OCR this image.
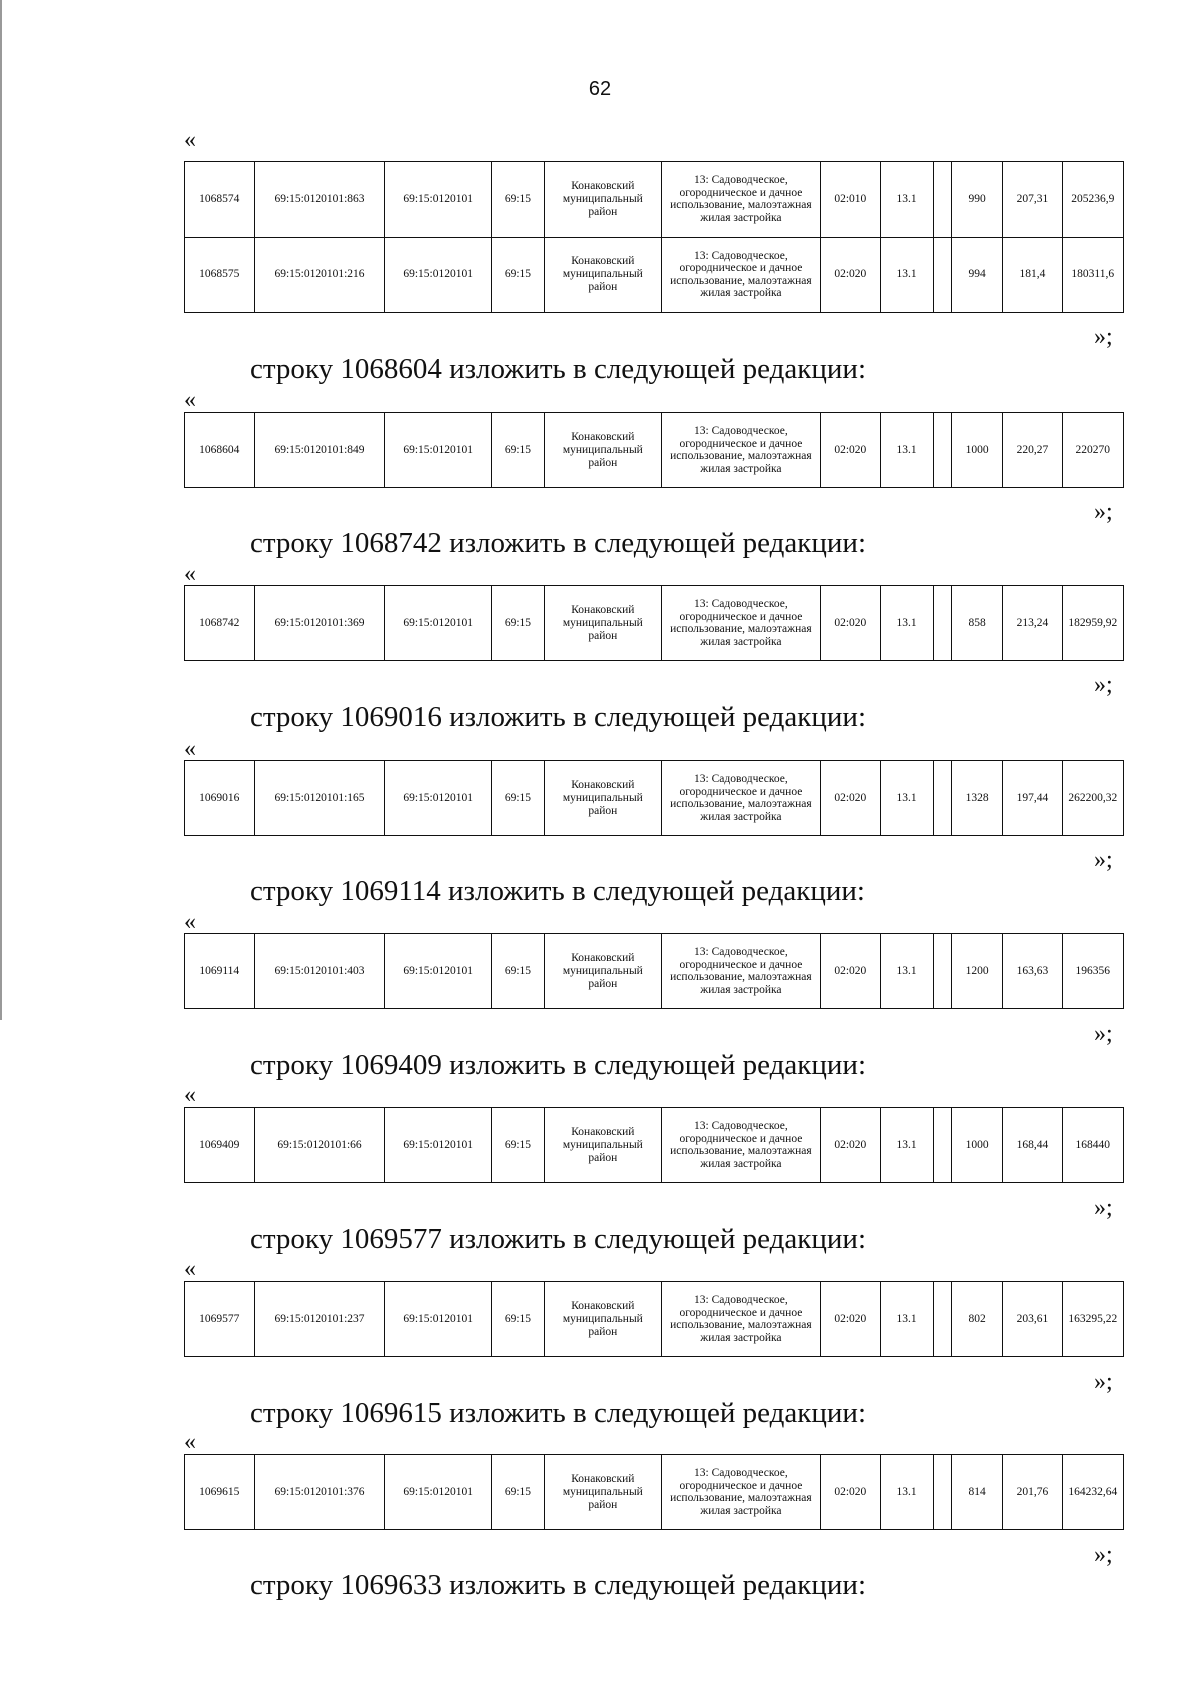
62
«
1068574	69:15:0120101:863	69:15:0120101	69:15	Конаковский муниципальный район	13: Садоводческое, огородническое и дачное использование, малоэтажная жилая застройка	02:010	13.1		990	207,31	205236,9
1068575	69:15:0120101:216	69:15:0120101	69:15	Конаковский муниципальный район	13: Садоводческое, огородническое и дачное использование, малоэтажная жилая застройка	02:020	13.1		994	181,4	180311,6
»;
строку 1068604 изложить в следующей редакции:
«
1068604	69:15:0120101:849	69:15:0120101	69:15	Конаковский муниципальный район	13: Садоводческое, огородническое и дачное использование, малоэтажная жилая застройка	02:020	13.1		1000	220,27	220270
»;
строку 1068742 изложить в следующей редакции:
«
1068742	69:15:0120101:369	69:15:0120101	69:15	Конаковский муниципальный район	13: Садоводческое, огородническое и дачное использование, малоэтажная жилая застройка	02:020	13.1		858	213,24	182959,92
»;
строку 1069016 изложить в следующей редакции:
«
1069016	69:15:0120101:165	69:15:0120101	69:15	Конаковский муниципальный район	13: Садоводческое, огородническое и дачное использование, малоэтажная жилая застройка	02:020	13.1		1328	197,44	262200,32
»;
строку 1069114 изложить в следующей редакции:
«
1069114	69:15:0120101:403	69:15:0120101	69:15	Конаковский муниципальный район	13: Садоводческое, огородническое и дачное использование, малоэтажная жилая застройка	02:020	13.1		1200	163,63	196356
»;
строку 1069409 изложить в следующей редакции:
«
1069409	69:15:0120101:66	69:15:0120101	69:15	Конаковский муниципальный район	13: Садоводческое, огородническое и дачное использование, малоэтажная жилая застройка	02:020	13.1		1000	168,44	168440
»;
строку 1069577 изложить в следующей редакции:
«
1069577	69:15:0120101:237	69:15:0120101	69:15	Конаковский муниципальный район	13: Садоводческое, огородническое и дачное использование, малоэтажная жилая застройка	02:020	13.1		802	203,61	163295,22
»;
строку 1069615 изложить в следующей редакции:
«
1069615	69:15:0120101:376	69:15:0120101	69:15	Конаковский муниципальный район	13: Садоводческое, огородническое и дачное использование, малоэтажная жилая застройка	02:020	13.1		814	201,76	164232,64
»;
строку 1069633 изложить в следующей редакции:
